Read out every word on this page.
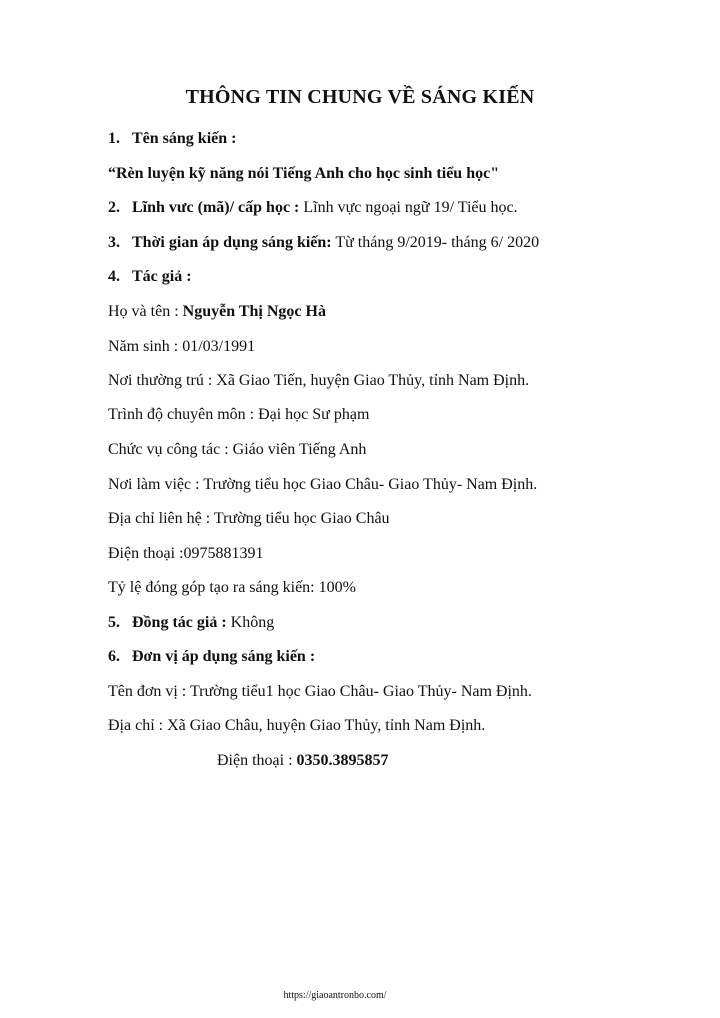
THÔNG TIN CHUNG VỀ SÁNG KIẾN
1. Tên sáng kiến :
“Rèn luyện kỹ năng nói Tiếng Anh cho học sinh tiểu học"
2. Lĩnh vưc (mã)/ cấp học : Lĩnh vực ngoại ngữ 19/ Tiểu học.
3. Thời gian áp dụng sáng kiến: Từ tháng 9/2019- tháng 6/ 2020
4. Tác giả :
Họ và tên : Nguyễn Thị Ngọc Hà
Năm sinh : 01/03/1991
Nơi thường trú : Xã Giao Tiến, huyện Giao Thủy, tỉnh Nam Định.
Trình độ chuyên môn : Đại học Sư phạm
Chức vụ công tác : Giáo viên Tiếng Anh
Nơi làm việc : Trường tiểu học Giao Châu- Giao Thủy- Nam Định.
Địa chỉ liên hệ : Trường tiểu học Giao Châu
Điện thoại :0975881391
Tỷ lệ đóng góp tạo ra sáng kiến: 100%
5. Đồng tác giả : Không
6. Đơn vị áp dụng sáng kiến :
Tên đơn vị : Trường tiểu1 học Giao Châu- Giao Thủy- Nam Định.
Địa chỉ : Xã Giao Châu, huyện Giao Thủy, tỉnh Nam Định.
Điện thoại : 0350.3895857
https://giaoantronbo.com/
